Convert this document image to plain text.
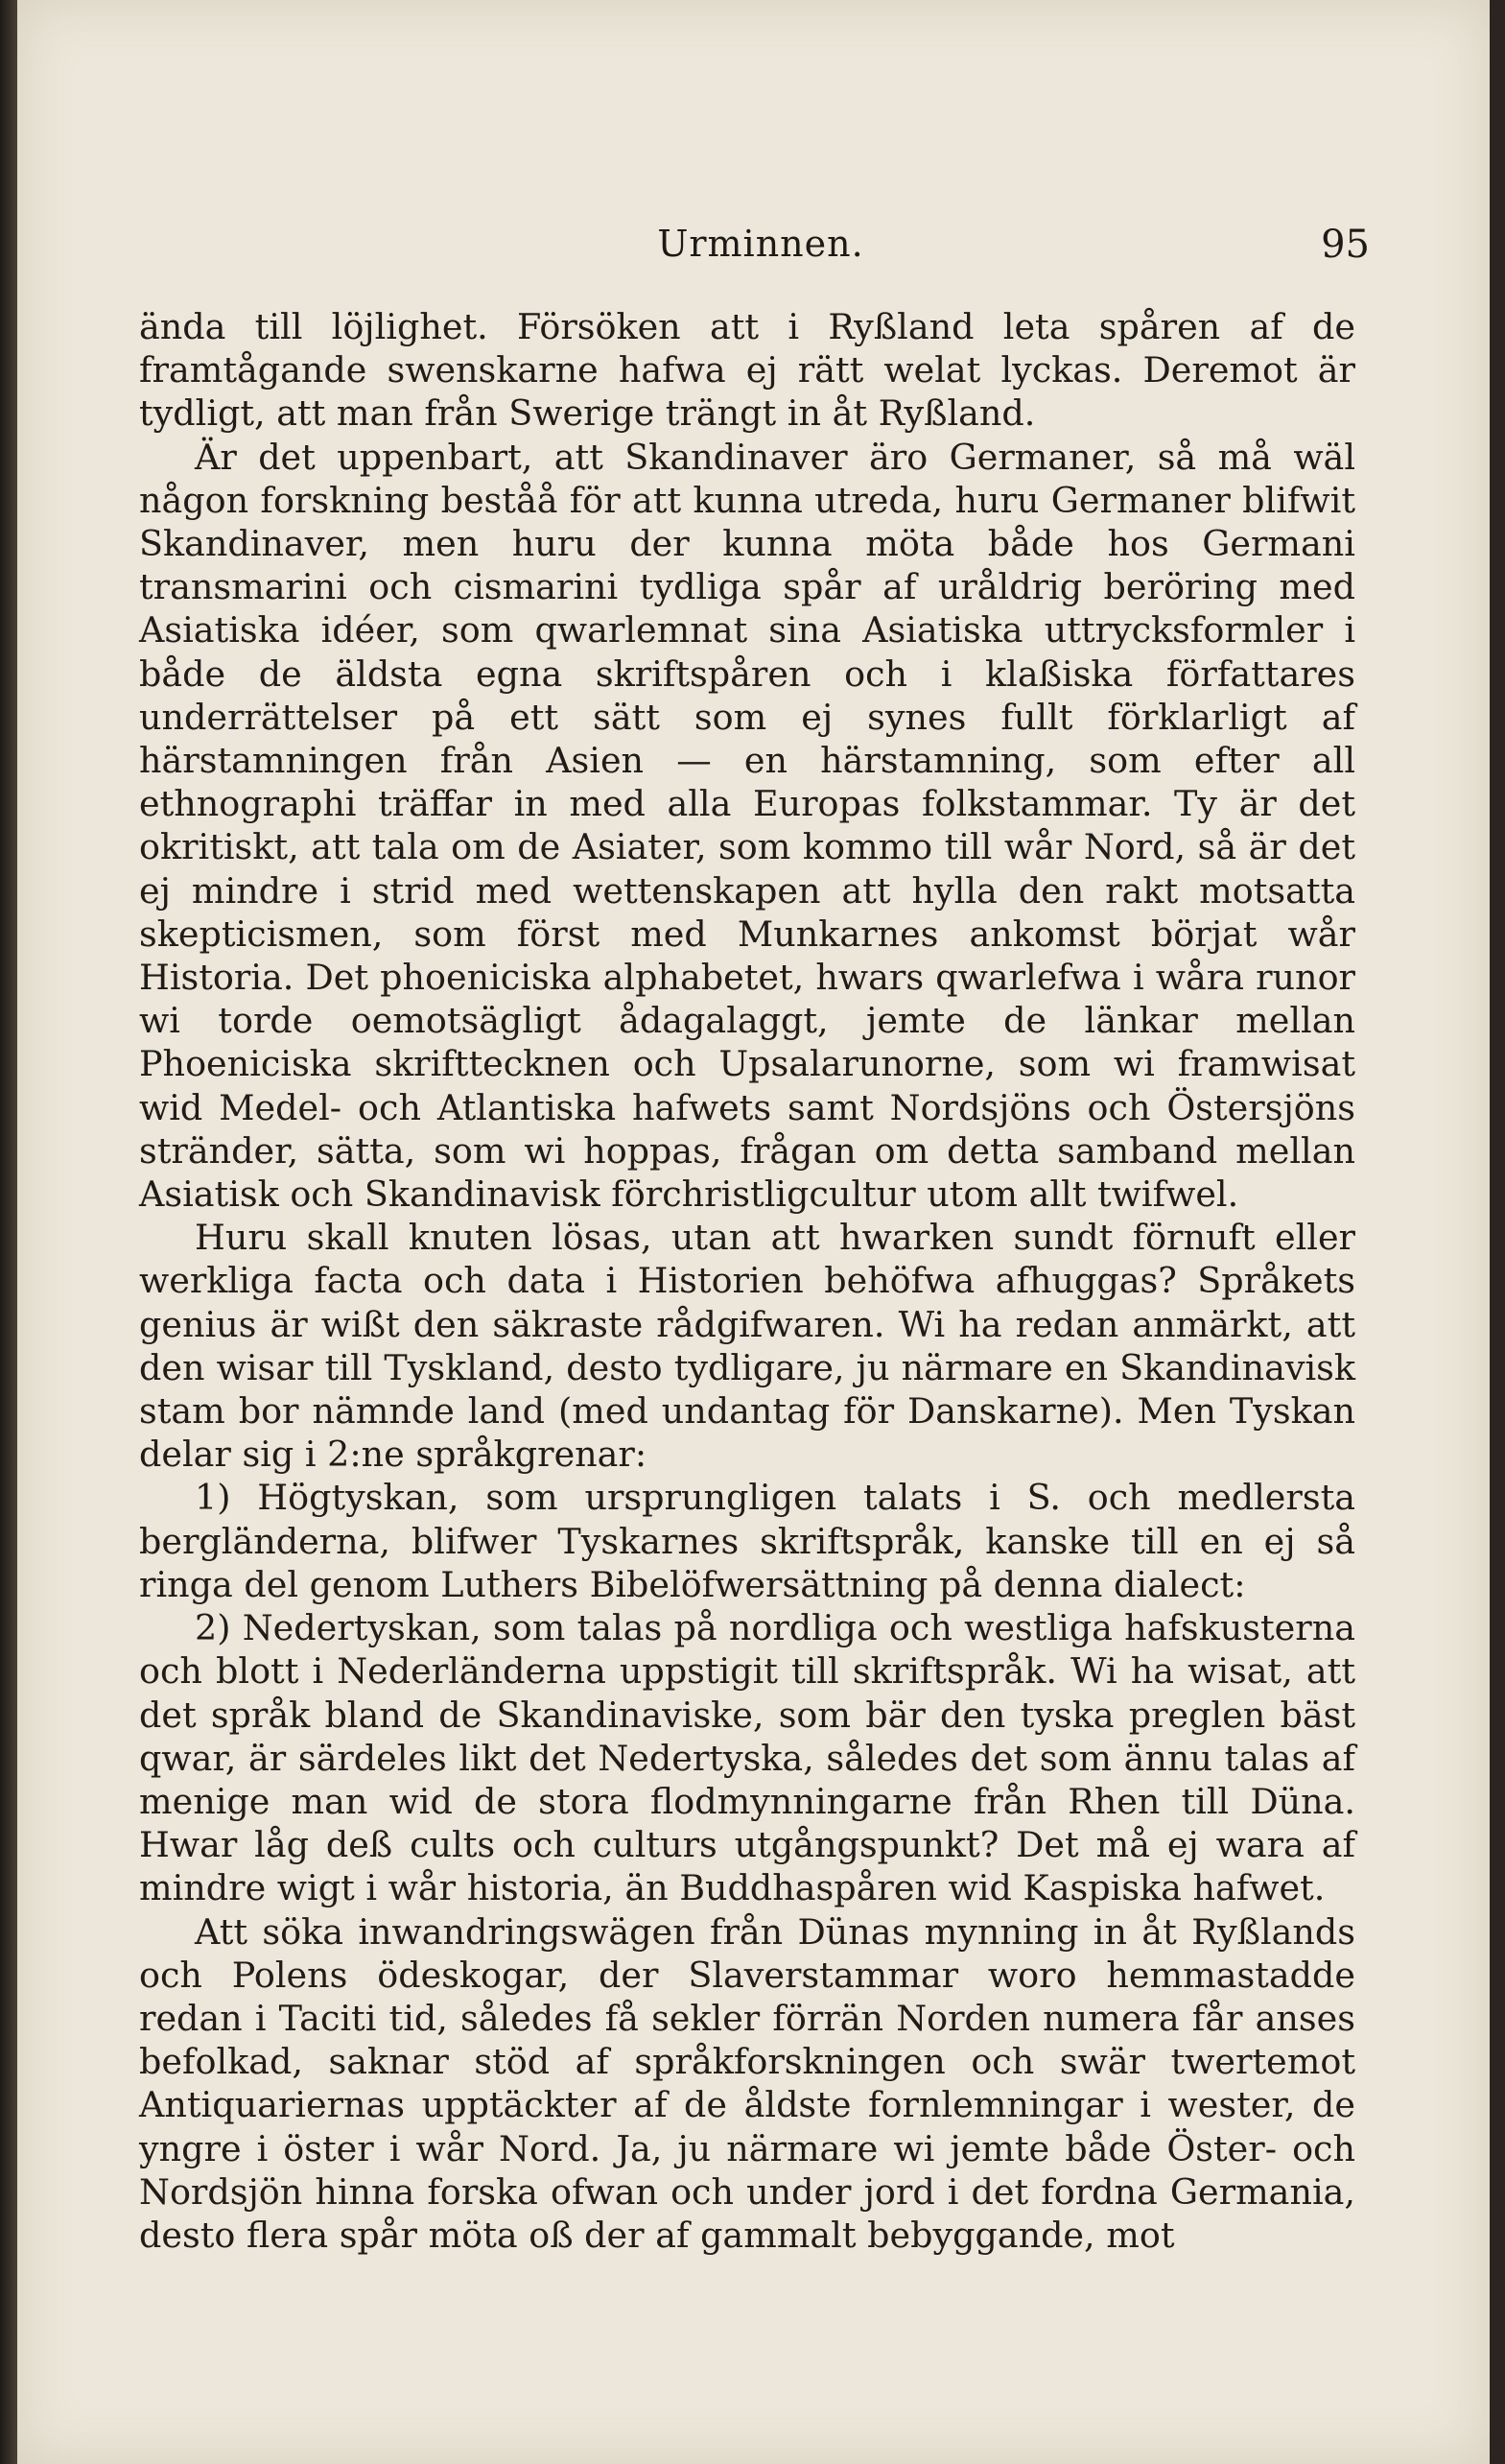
Urminnen.	95

ända till löjlighet. Försöken att i Ryßland leta spåren af de framtågande swenskarne hafwa ej rätt welat lyckas. Deremot är tydligt, att man från Swerige trängt in åt Ryßland.

Är det uppenbart, att Skandinaver äro Germaner, så må wäl någon forskning beståå för att kunna utreda, huru Germaner blifwit Skandinaver, men huru der kunna möta både hos Germani transmarini och cismarini tydliga spår af uråldrig beröring med Asiatiska idéer, som qwarlemnat sina Asiatiska uttrycksformler i både de äldsta egna skriftspåren och i klaßiska författares underrättelser på ett sätt som ej synes fullt förklarligt af härstamningen från Asien — en härstamning, som efter all ethnographi träffar in med alla Europas folkstammar. Ty är det okritiskt, att tala om de Asiater, som kommo till wår Nord, så är det ej mindre i strid med wettenskapen att hylla den rakt motsatta skepticismen, som först med Munkarnes ankomst börjat wår Historia. Det phoeniciska alphabetet, hwars qwarlefwa i wåra runor wi torde oemotsägligt ådagalaggt, jemte de länkar mellan Phoeniciska skrifttecknen och Upsalarunorne, som wi framwisat wid Medel- och Atlantiska hafwets samt Nordsjöns och Östersjöns stränder, sätta, som wi hoppas, frågan om detta samband mellan Asiatisk och Skandinavisk förchristligcultur utom allt twifwel.

Huru skall knuten lösas, utan att hwarken sundt förnuft eller werkliga facta och data i Historien behöfwa afhuggas? Språkets genius är wißt den säkraste rådgifwaren. Wi ha redan anmärkt, att den wisar till Tyskland, desto tydligare, ju närmare en Skandinavisk stam bor nämnde land (med undantag för Danskarne). Men Tyskan delar sig i 2:ne språkgrenar:

1) Högtyskan, som ursprungligen talats i S. och medlersta bergländerna, blifwer Tyskarnes skriftspråk, kanske till en ej så ringa del genom Luthers Bibelöfwersättning på denna dialect:

2) Nedertyskan, som talas på nordliga och westliga hafskusterna och blott i Nederländerna uppstigit till skriftspråk. Wi ha wisat, att det språk bland de Skandinaviske, som bär den tyska preglen bäst qwar, är särdeles likt det Nedertyska, således det som ännu talas af menige man wid de stora flodmynningarne från Rhen till Düna. Hwar låg deß cults och culturs utgångspunkt? Det må ej wara af mindre wigt i wår historia, än Buddhaspåren wid Kaspiska hafwet.

Att söka inwandringswägen från Dünas mynning in åt Ryßlands och Polens ödeskogar, der Slaverstammar woro hemmastadde redan i Taciti tid, således få sekler förrän Norden numera får anses befolkad, saknar stöd af språkforskningen och swär twertemot Antiquariernas upptäckter af de åldste fornlemningar i wester, de yngre i öster i wår Nord. Ja, ju närmare wi jemte både Öster- och Nordsjön hinna forska ofwan och under jord i det fordna Germania, desto flera spår möta oß der af gammalt bebyggande, mot
